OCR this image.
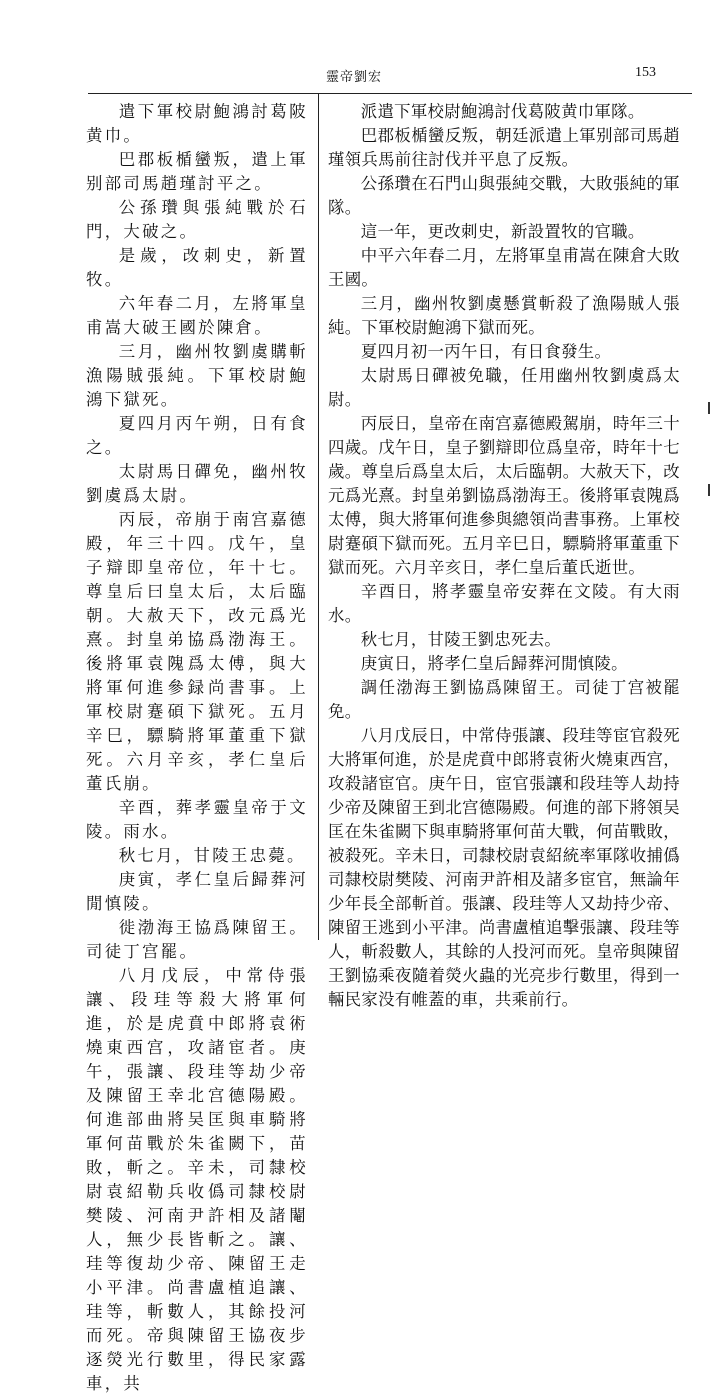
靈帝劉宏	153

遣下軍校尉鮑鴻討葛陂黄巾。

巴郡板楯蠻叛，遣上軍别部司馬趙瑾討平之。

公孫瓚與張純戰於石門，大破之。

是歲，改刺史，新置牧。

六年春二月，左將軍皇甫嵩大破王國於陳倉。

三月，幽州牧劉虞購斬漁陽賊張純。下軍校尉鮑鴻下獄死。

夏四月丙午朔，日有食之。

太尉馬日磾免，幽州牧劉虞爲太尉。

丙辰，帝崩于南宫嘉德殿，年三十四。戊午，皇子辯即皇帝位，年十七。尊皇后曰皇太后，太后臨朝。大赦天下，改元爲光熹。封皇弟協爲渤海王。後將軍袁隗爲太傅，與大將軍何進參録尚書事。上軍校尉蹇碩下獄死。五月辛巳，驃騎將軍董重下獄死。六月辛亥，孝仁皇后董氏崩。

辛酉，葬孝靈皇帝于文陵。雨水。

秋七月，甘陵王忠薨。

庚寅，孝仁皇后歸葬河閒慎陵。

徙渤海王協爲陳留王。司徒丁宫罷。

八月戊辰，中常侍張讓、段珪等殺大將軍何進，於是虎賁中郎將袁術燒東西宫，攻諸宦者。庚午，張讓、段珪等劫少帝及陳留王幸北宫德陽殿。何進部曲將吴匡與車騎將軍何苗戰於朱雀闕下，苗敗，斬之。辛未，司隸校尉袁紹勒兵收僞司隸校尉樊陵、河南尹許相及諸閹人，無少長皆斬之。讓、珪等復劫少帝、陳留王走小平津。尚書盧植追讓、珪等，斬數人，其餘投河而死。帝與陳留王協夜步逐熒光行數里，得民家露車，共

派遣下軍校尉鮑鴻討伐葛陂黄巾軍隊。

巴郡板楯蠻反叛，朝廷派遣上軍别部司馬趙瑾領兵馬前往討伐并平息了反叛。

公孫瓚在石門山與張純交戰，大敗張純的軍隊。

這一年，更改刺史，新設置牧的官職。

中平六年春二月，左將軍皇甫嵩在陳倉大敗王國。

三月，幽州牧劉虞懸賞斬殺了漁陽賊人張純。下軍校尉鮑鴻下獄而死。

夏四月初一丙午日，有日食發生。

太尉馬日磾被免職，任用幽州牧劉虞爲太尉。

丙辰日，皇帝在南宫嘉德殿駕崩，時年三十四歲。戊午日，皇子劉辯即位爲皇帝，時年十七歲。尊皇后爲皇太后，太后臨朝。大赦天下，改元爲光熹。封皇弟劉協爲渤海王。後將軍袁隗爲太傅，與大將軍何進參與總領尚書事務。上軍校尉蹇碩下獄而死。五月辛巳日，驃騎將軍董重下獄而死。六月辛亥日，孝仁皇后董氏逝世。

辛酉日，將孝靈皇帝安葬在文陵。有大雨水。

秋七月，甘陵王劉忠死去。

庚寅日，將孝仁皇后歸葬河閒慎陵。

調任渤海王劉協爲陳留王。司徒丁宫被罷免。

八月戊辰日，中常侍張讓、段珪等宦官殺死大將軍何進，於是虎賁中郎將袁術火燒東西宫，攻殺諸宦官。庚午日，宦官張讓和段珪等人劫持少帝及陳留王到北宫德陽殿。何進的部下將領吴匡在朱雀闕下與車騎將軍何苗大戰，何苗戰敗，被殺死。辛未日，司隸校尉袁紹統率軍隊收捕僞司隸校尉樊陵、河南尹許相及諸多宦官，無論年少年長全部斬首。張讓、段珪等人又劫持少帝、陳留王逃到小平津。尚書盧植追擊張讓、段珪等人，斬殺數人，其餘的人投河而死。皇帝與陳留王劉協乘夜隨着熒火蟲的光亮步行數里，得到一輛民家没有帷蓋的車，共乘前行。
